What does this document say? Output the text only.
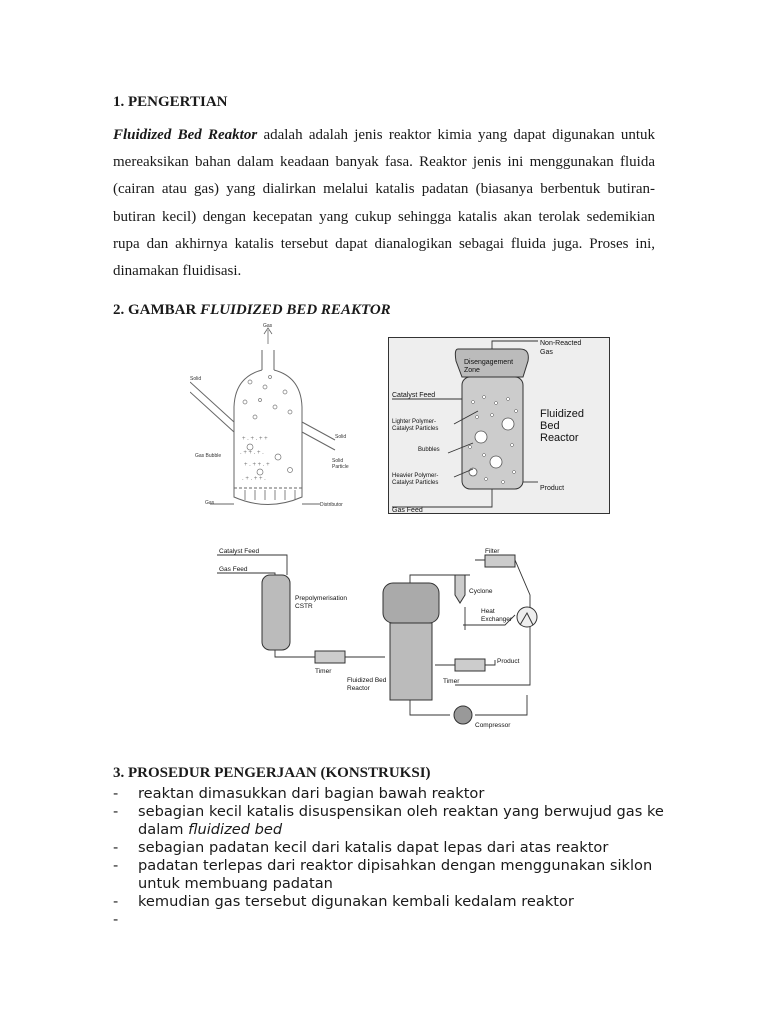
1. PENGERTIAN
Fluidized Bed Reaktor adalah adalah jenis reaktor kimia yang dapat digunakan untuk mereaksikan bahan dalam keadaan banyak fasa. Reaktor jenis ini menggunakan fluida (cairan atau gas) yang dialirkan melalui katalis padatan (biasanya berbentuk butiran-butiran kecil) dengan kecepatan yang cukup sehingga katalis akan terolak sedemikian rupa dan akhirnya katalis tersebut dapat dianalogikan sebagai fluida juga. Proses ini, dinamakan fluidisasi.
2. GAMBAR FLUIDIZED BED REAKTOR
+ . + . + +
. + + . + .
+ . + + . +
. + . + + .
Gas
Solid
Solid
Gas Bubble
Solid
Particle
Gas	Distributor
Non-Reacted
Gas
Disengagement
Zone
Catalyst Feed
Lighter Polymer-
Catalyst Particles
Bubbles
Heavier Polymer-
Catalyst Particles
Product
Gas Feed
Fluidized
Bed
Reactor
Catalyst Feed
Gas Feed
Prepolymerisation
CSTR
Timer
Filter
Cyclone
Heat
Exchanger
Product
Fluidized Bed
Reactor
Timer
Compressor
3. PROSEDUR PENGERJAAN (KONSTRUKSI)
-	reaktan dimasukkan dari bagian bawah reaktor
-	sebagian kecil katalis disuspensikan oleh reaktan yang berwujud gas ke dalam fluidized bed
-	sebagian padatan kecil dari katalis dapat lepas dari atas reaktor
-	padatan terlepas dari reaktor dipisahkan dengan menggunakan siklon untuk membuang padatan
-	kemudian gas tersebut digunakan kembali kedalam reaktor
-
